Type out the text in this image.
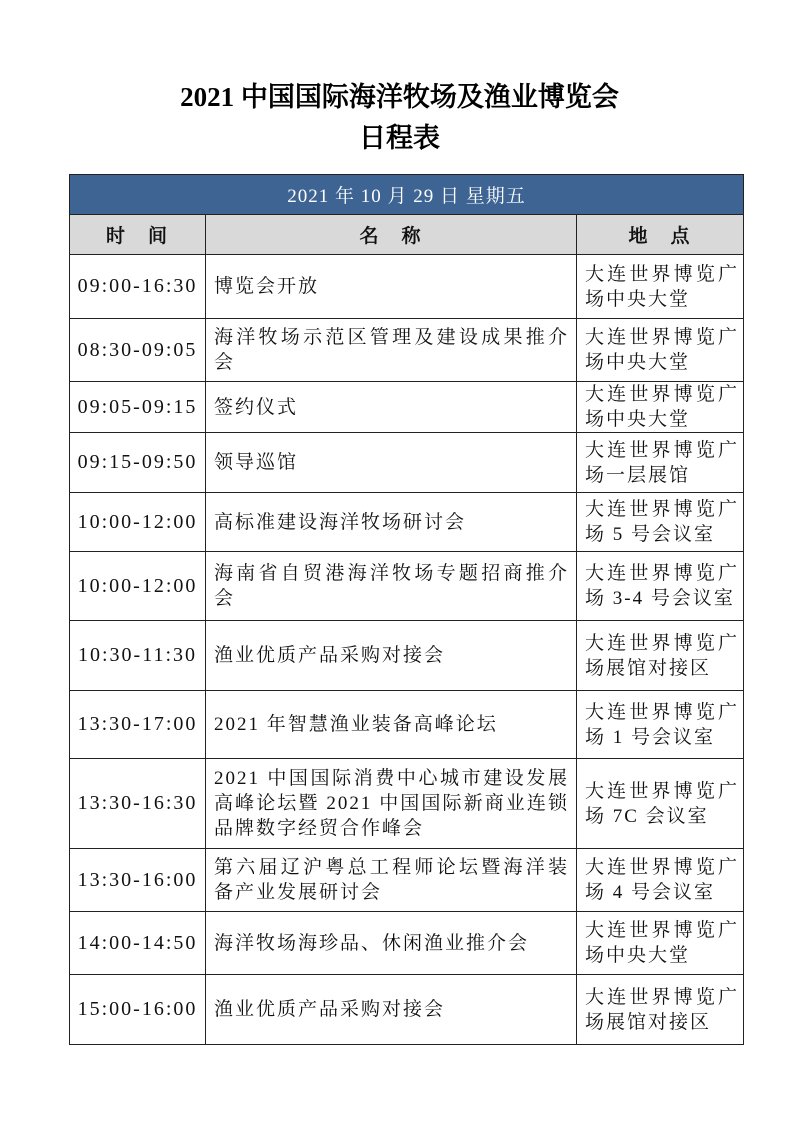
2021 中国国际海洋牧场及渔业博览会
日程表
2021 年 10 月 29 日 星期五
时　间	名　称	地　点
09:00-16:30 博览会开放
大连世界博览广
场中央大堂
08:30-09:05
海洋牧场示范区管理及建设成果推介
会
大连世界博览广
场中央大堂
09:05-09:15 签约仪式
大连世界博览广
场中央大堂
09:15-09:50 领导巡馆
大连世界博览广
场一层展馆
10:00-12:00 高标准建设海洋牧场研讨会
大连世界博览广
场 5 号会议室
10:00-12:00
海南省自贸港海洋牧场专题招商推介
会
大连世界博览广
场 3-4 号会议室
10:30-11:30 渔业优质产品采购对接会
大连世界博览广
场展馆对接区
13:30-17:00 2021 年智慧渔业装备高峰论坛
大连世界博览广
场 1 号会议室
13:30-16:30
2021 中国国际消费中心城市建设发展
高峰论坛暨 2021 中国国际新商业连锁
品牌数字经贸合作峰会
大连世界博览广
场 7C 会议室
13:30-16:00
第六届辽沪粤总工程师论坛暨海洋装
备产业发展研讨会
大连世界博览广
场 4 号会议室
14:00-14:50 海洋牧场海珍品、休闲渔业推介会
大连世界博览广
场中央大堂
15:00-16:00 渔业优质产品采购对接会
大连世界博览广
场展馆对接区
